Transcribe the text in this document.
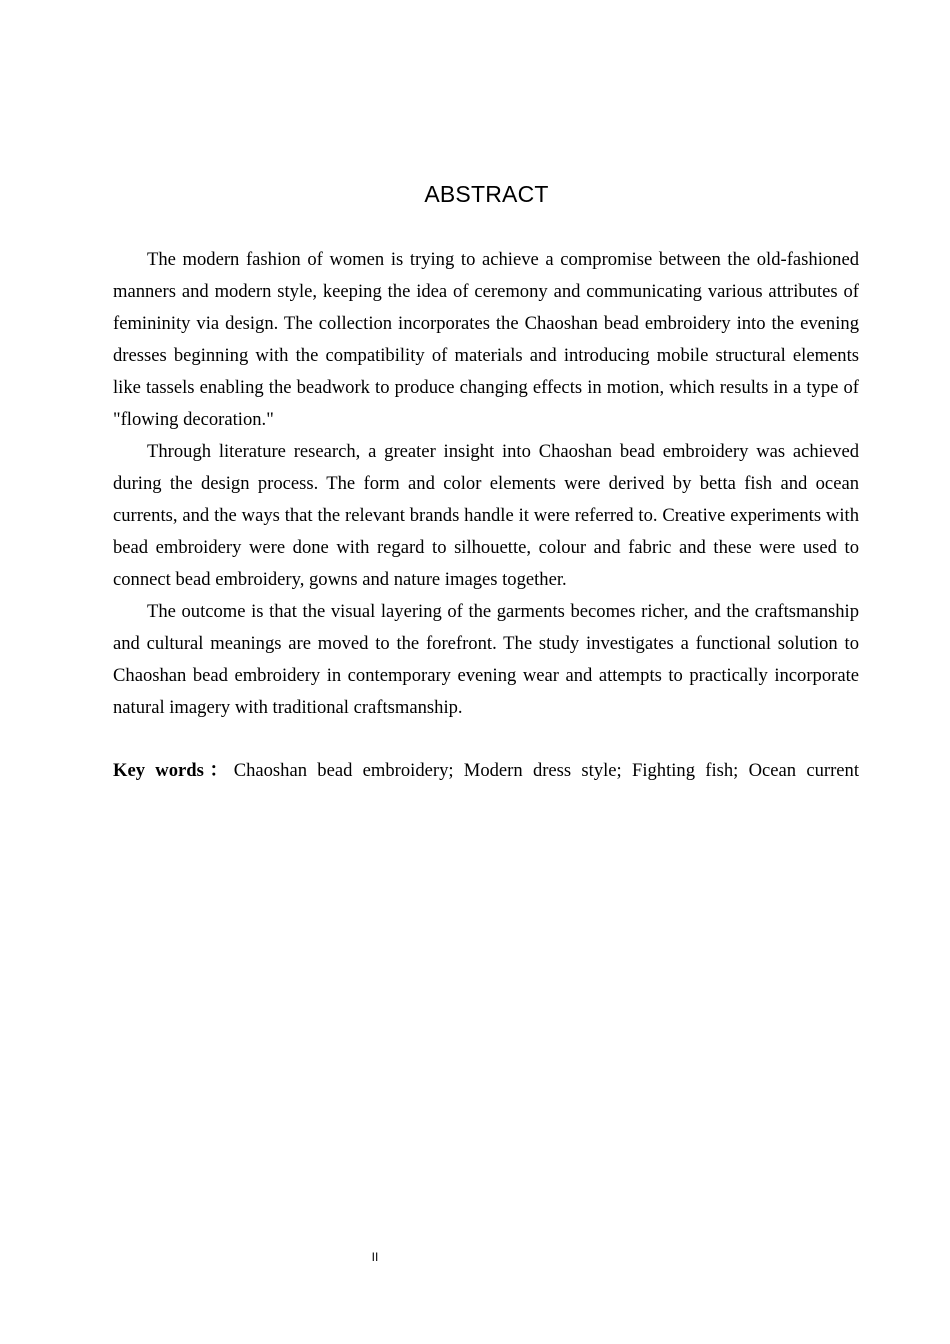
ABSTRACT

The modern fashion of women is trying to achieve a compromise between the old-fashioned manners and modern style, keeping the idea of ceremony and communicating various attributes of femininity via design. The collection incorporates the Chaoshan bead embroidery into the evening dresses beginning with the compatibility of materials and introducing mobile structural elements like tassels enabling the beadwork to produce changing effects in motion, which results in a type of "flowing decoration."

Through literature research, a greater insight into Chaoshan bead embroidery was achieved during the design process. The form and color elements were derived by betta fish and ocean currents, and the ways that the relevant brands handle it were referred to. Creative experiments with bead embroidery were done with regard to silhouette, colour and fabric and these were used to connect bead embroidery, gowns and nature images together.

The outcome is that the visual layering of the garments becomes richer, and the craftsmanship and cultural meanings are moved to the forefront. The study investigates a functional solution to Chaoshan bead embroidery in contemporary evening wear and attempts to practically incorporate natural imagery with traditional craftsmanship.

Key words：Chaoshan bead embroidery; Modern dress style; Fighting fish; Ocean current

II
